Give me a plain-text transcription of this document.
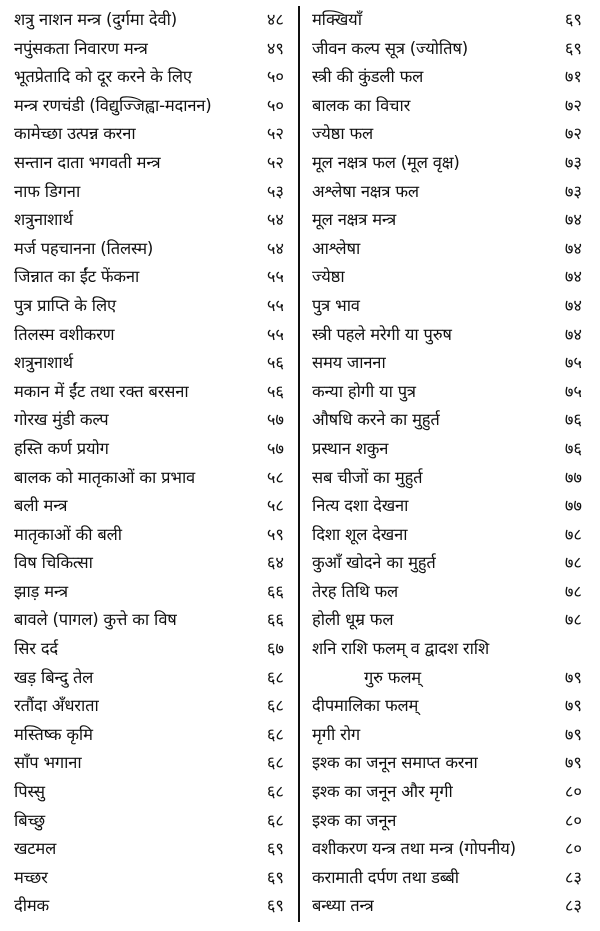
शत्रु नाशन मन्त्र (दुर्गमा देवी)	४८
नपुंसकता निवारण मन्त्र	४९
भूतप्रेतादि को दूर करने के लिए	५०
मन्त्र रणचंडी (विद्युज्जिह्वा-मदानन)	५०
कामेच्छा उत्पन्न करना	५२
सन्तान दाता भगवती मन्त्र	५२
नाफ डिगना	५३
शत्रुनाशार्थ	५४
मर्ज पहचानना (तिलस्म)	५४
जिन्नात का ईंट फेंकना	५५
पुत्र प्राप्ति के लिए	५५
तिलस्म वशीकरण	५५
शत्रुनाशार्थ	५६
मकान में ईंट तथा रक्त बरसना	५६
गोरख मुंडी कल्प	५७
हस्ति कर्ण प्रयोग	५७
बालक को मातृकाओं का प्रभाव	५८
बली मन्त्र	५८
मातृकाओं की बली	५९
विष चिकित्सा	६४
झाड़ मन्त्र	६६
बावले (पागल) कुत्ते का विष	६६
सिर दर्द	६७
खड़ बिन्दु तेल	६८
रतौंदा अँधराता	६८
मस्तिष्क कृमि	६८
साँप भगाना	६८
पिस्सु	६८
बिच्छु	६८
खटमल	६९
मच्छर	६९
दीमक	६९
मक्खियाँ	६९
जीवन कल्प सूत्र (ज्योतिष)	६९
स्त्री की कुंडली फल	७१
बालक का विचार	७२
ज्येष्ठा फल	७२
मूल नक्षत्र फल (मूल वृक्ष)	७३
अश्लेषा नक्षत्र फल	७३
मूल नक्षत्र मन्त्र	७४
आश्लेषा	७४
ज्येष्ठा	७४
पुत्र भाव	७४
स्त्री पहले मरेगी या पुरुष	७४
समय जानना	७५
कन्या होगी या पुत्र	७५
औषधि करने का मुहुर्त	७६
प्रस्थान शकुन	७६
सब चीजों का मुहुर्त	७७
नित्य दशा देखना	७७
दिशा शूल देखना	७८
कुआँ खोदने का मुहुर्त	७८
तेरह तिथि फल	७८
होली धूम्र फल	७८
शनि राशि फलम् व द्वादश राशि
गुरु फलम्	७९
दीपमालिका फलम्	७९
मृगी रोग	७९
इश्क का जनून समाप्त करना	७९
इश्क का जनून और मृगी	८०
इश्क का जनून	८०
वशीकरण यन्त्र तथा मन्त्र (गोपनीय)	८०
करामाती दर्पण तथा डब्बी	८३
बन्ध्या तन्त्र	८३
